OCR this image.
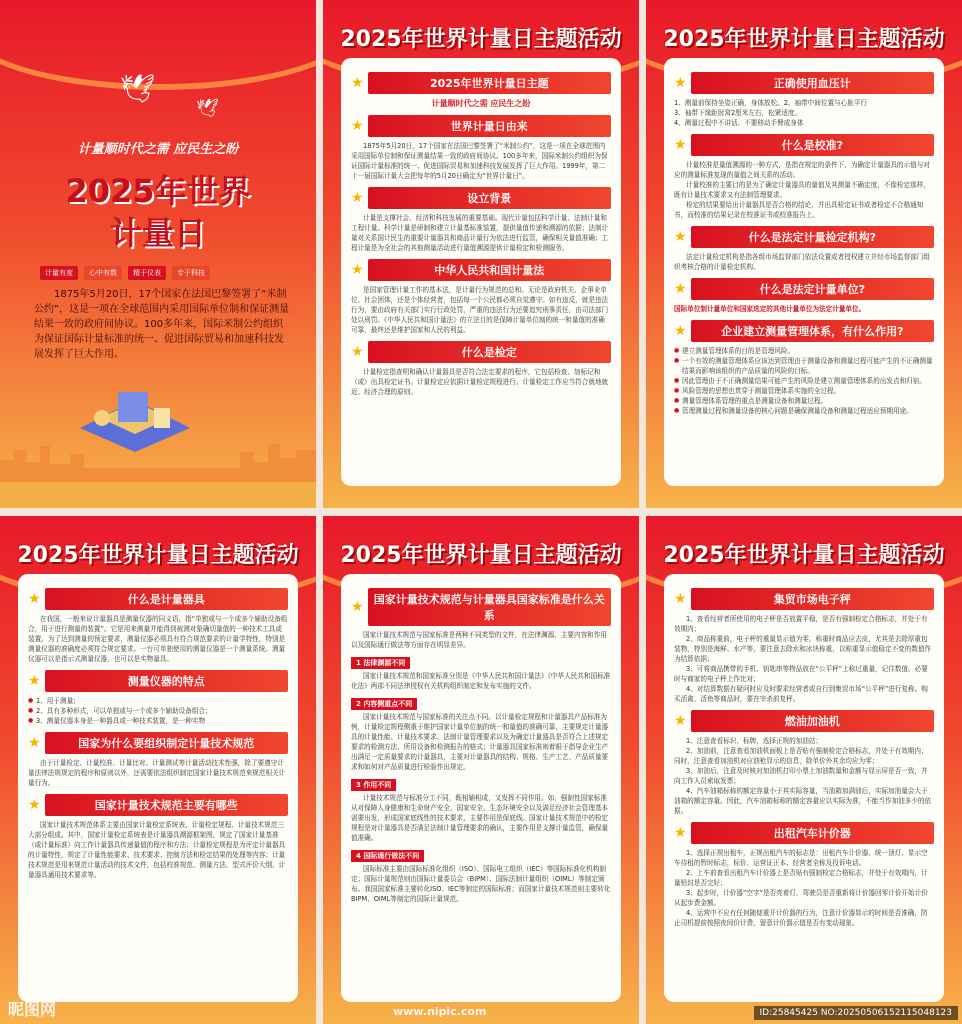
🕊
🕊
计量顺时代之需 应民生之盼
2025年世界
计量日
计量有度	心中有数	精于仪表	专于科技
1875年5月20日，17个国家在法国巴黎签署了“米制公约”，这是一项在全球范围内采用国际单位制和保证测量结果一致的政府间协议。100多年来，国际米制公约组织为保证国际计量标准的统一、促进国际贸易和加速科技发展发挥了巨大作用。
2025年世界计量日主题活动
★	2025年世界计量日主题
计量顺时代之需 应民生之盼
★	世界计量日由来
1875年5月20日，17个国家在法国巴黎签署了“米制公约”，这是一项在全球范围内采用国际单位制和保证测量结果一致的政府间协议。100多年来，国际米制公约组织为保证国际计量标准的统一、促进国际贸易和加速科技发展发挥了巨大作用。1999年，第二十一届国际计量大会把每年的5月20日确定为“世界计量日”。
★	设立背景
计量是支撑社会、经济和科技发展的重要基础。现代计量包括科学计量、法制计量和工程计量。科学计量是研制和建立计量基标准装置，提供量值传递和溯源的依据；法制计量对关系国计民生的重要计量器具和商品计量行为依法进行监管，确保相关量值准确；工程计量是为全社会的其他测量活动进行量值溯源提供计量检定和检测服务。
★	中华人民共和国计量法
是国家管理计量工作的基本法，是计量行为规范的总和。无论是政府机关、企事业单位、社会团体，还是个体经营者，包括每一个公民都必须自觉遵守。如有违反，就是违法行为，要由政府有关部门实行行政处罚，严重的违法行为还要追究刑事责任，由司法部门处以刑罚。《中华人民共和国计量法》的立法目的是保障计量单位制的统一和量值的准确可靠，最终还是维护国家和人民的利益。
★	什么是检定
计量检定指查明和确认计量器具是否符合法定要求的程序，它包括检查、加标记和（或）出具检定证书。计量检定应依据计量检定规程进行。计量检定工作应当符合就地就近、经济合理的原则。
2025年世界计量日主题活动
★	正确使用血压计
1、测量前保持坐姿正确，身体放松。2、袖带中间位置与心脏平行
3、袖带下缘距肘窝2厘米左右，松紧适度。
4、测量过程中不讲话、不要移动手臂或身体
★	什么是校准?
计量校准是量值溯源的一种方式，是指在规定的条件下，为确定计量器具的示值与对应的测量标准复现的量值之间关系的活动。
计量校准的主要目的是为了确定计量器具的量值及其测量不确定度，不像检定那样，既有计量技术要求又有法制管理要求。
检定的结果要给出计量器具是否合格的结论，并出具检定证书或者检定不合格通知书，而校准的结果记录在校准证书或校准报告上。
★	什么是法定计量检定机构?
法定计量检定机构是指各级市场监督部门依法设置或者授权建立并经市场监督部门组织考核合格的计量检定机构。
★	什么是法定计量单位?
国际单位制计量单位和国家选定的其他计量单位为法定计量单位。
★	企业建立测量管理体系，有什么作用?
● 建立测量管理体系的目的是管理风险。
● 一个有效的测量管理体系应该达到管理由于测量设备和测量过程可能产生的不正确测量结果而影响该组织的产品质量的风险的目标。
● 因此管理由于不正确测量结果可能产生的风险是建立测量管理体系的出发点和归宿。
● 风险管理的思想也贯穿于测量管理体系实施的全过程。
● 测量管理体系管理的重点是测量设备和测量过程。
● 管理测量过程和测量设备的核心问题是确保测量设备和测量过程适应预期用途。
2025年世界计量日主题活动
★	什么是计量器具
在我国，一般来说计量器具是测量仪器的同义语，指“单独或与一个或多个辅助设备组合，用于进行测量的装置”。它是用来测量并能得到被测对象确切量值的一种技术工具或装置。为了达到测量的预定要求，测量仪器必须具有符合规范要求的计量学特性，特别是测量仪器的准确度必须符合规定要求。一台可单独使用的测量仪器是一个测量系统。测量仪器可以是指示式测量仪器，也可以是实物量具。
★	测量仪器的特点
● 1、用于测量；
● 2、具有多种形式，可以单独或与一个或多个辅助设备组合；
● 3、测量仪器本身是一种器具或一种技术装置，是一种实物
★	国家为什么要组织制定计量技术规范
由于计量检定、计量校准、计量比对、计量测试等计量活动技术性强，除了要遵守计量法律法规规定的程序和原则以外，还需要依法组织制定国家计量技术规范来规范相关计量行为。
★	国家计量技术规范主要有哪些
国家计量技术规范体系主要由国家计量检定系统表、计量检定规程、计量技术规范三大部分组成。其中，国家计量检定系统表是计量器具溯源框架图，规定了国家计量基准（或计量标准）向工作计量器具传递量值的程序和方法；计量检定规程是为评定计量器具的计量特性，规定了计量性能要求、技术要求、控制方法和检定结果的处理等内容；计量技术规范是用来规范计量活动的技术文件，包括校准规范、测量方法、型式评价大纲、计量器具通用技术要求等。
昵图网
2025年世界计量日主题活动
★ 国家计量技术规范与计量器具国家标准是什么关系
国家计量技术规范与国家标准是两种不同类型的文件，在法律渊源、主要内容和作用以及国际通行做法等方面存在明显差异。
1 法律渊源不同
国家计量技术规范和国家标准分别是《中华人民共和国计量法》《中华人民共和国标准化法》两部不同法律授权有关机构组织制定和发布实施的文件。
2 内容侧重点不同
国家计量技术规范与国家标准的关注点不同。以计量检定规程和计量器具产品标准为例，计量检定规程侧重于维护国家计量单位制的统一和量值的准确可靠，主要规定计量器具的计量性能、计量技术要求、法制计量管理要求以及为确定计量器具是否符合上述规定要求的检测方法、所用设备和检测报告的格式；计量器具国家标准则着眼于指导企业生产出满足一定质量要求的计量器具，主要对计量器具的结构、规格、生产工艺、产品质量要求和如何对产品质量进行检验作出规定。
3 作用不同
计量技术规范与标准分工不同，既相辅相成，又发挥不同作用。如，强制性国家标准从对保障人身健康和生命财产安全、国家安全、生态环境安全以及满足经济社会管理基本需要出发，形成国家底线性的技术要求，主要作用是保底线。国家计量技术规范中的检定规程是对计量器具是否满足法制计量管理要求的确认，主要作用是支撑计量监管，确保量值准确。
4 国际通行做法不同
国际标准主要由国际标准化组织（ISO）、国际电工组织（IEC）等国际标准化机构制定；国际计量规范则由国际计量委员会（BIPM）、国际法制计量组织（OIML）等制定颁布。我国国家标准主要转化ISO、IEC等制定的国际标准；而国家计量技术规范则主要转化BIPM、OIML等制定的国际计量规范。
www.nipic.com
2025年世界计量日主题活动
★	集贸市场电子秤
1、查看经营者所使用的电子秤是否放置平稳，是否有强制检定合格标志，并处于有效期内；
2、商品称重前，电子秤的重量显示值为零，称重时商品应去皮，尤其是去除厚重包装物，特别是海鲜、水产等，要注意去除水和冰块称重，以称重显示值稳定不变的数值作为结算依据；
3、可将商品携带的手机、钥匙串等物品放在“公平秤”上称过重量，记住数值，必要时与商家的电子秤上作比对；
4、对结算数据有疑问时应及时要求经营者或自行到集贸市场“公平秤”进行复称。购买活禽、活鱼等商品时，要在宰杀前复秤。
★	燃油加油机
1、注意查看标识、标牌，选择正规的加油站；
2、加油前，注意查看加油机面板上是否贴有强制检定合格标志，并处于有效期内；同时，注意查看加油机对应油枪显示的信息，除单价外其余均应为零；
3、加油后，注意及时核对加油机打印小票上加油数量和金额与显示屏是否一致，并向工作人员索取发票；
4、汽车油箱标称的额定容量小于其实际容量，当油箱加满油后，实际加油量会大于油箱的额定容量。因此，汽车油箱标称的额定容量应以实际为准，不能当作加油多少的依据。
★	出租汽车计价器
1、选择正规出租车，正规出租汽车的标志是：出租汽车计价器、统一顶灯、显示空车待租的暂时标志，标价、运营证正本、经营者全称及投诉电话。
2、上车前查看出租汽车计价器上是否贴有强制检定合格标志，并处于有效期内，计量铅封是否完好；
3、起步时，计价器“空字”是否亮着灯，驾驶员是否重新将计价器回零计价开始计价从起步费金额。
4、运营中不应有任何随便重开计价器的行为，注意计价器显示的时间是否准确，防止司机提前按照夜间价计费，留意计价器示值是否有变动现象。
ID:25845425 NO:20250506152115048123
